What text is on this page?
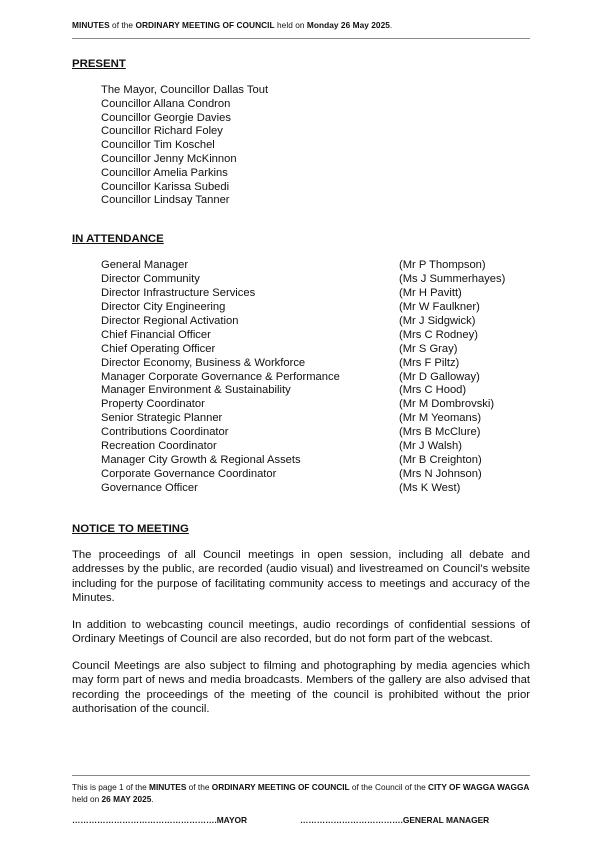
MINUTES of the ORDINARY MEETING OF COUNCIL held on Monday 26 May 2025.
PRESENT
The Mayor, Councillor Dallas Tout
Councillor Allana Condron
Councillor Georgie Davies
Councillor Richard Foley
Councillor Tim Koschel
Councillor Jenny McKinnon
Councillor Amelia Parkins
Councillor Karissa Subedi
Councillor Lindsay Tanner
IN ATTENDANCE
General Manager	(Mr P Thompson)
Director Community	(Ms J Summerhayes)
Director Infrastructure Services	(Mr H Pavitt)
Director City Engineering	(Mr W Faulkner)
Director Regional Activation	(Mr J Sidgwick)
Chief Financial Officer	(Mrs C Rodney)
Chief Operating Officer	(Mr S Gray)
Director Economy, Business & Workforce	(Mrs F Piltz)
Manager Corporate Governance & Performance	(Mr D Galloway)
Manager Environment & Sustainability	(Mrs C Hood)
Property Coordinator	(Mr M Dombrovski)
Senior Strategic Planner	(Mr M Yeomans)
Contributions Coordinator	(Mrs B McClure)
Recreation Coordinator	(Mr J Walsh)
Manager City Growth & Regional Assets	(Mr B Creighton)
Corporate Governance Coordinator	(Mrs N Johnson)
Governance Officer	(Ms K West)
NOTICE TO MEETING

The proceedings of all Council meetings in open session, including all debate and addresses by the public, are recorded (audio visual) and livestreamed on Council’s website including for the purpose of facilitating community access to meetings and accuracy of the Minutes.

In addition to webcasting council meetings, audio recordings of confidential sessions of Ordinary Meetings of Council are also recorded, but do not form part of the webcast.

Council Meetings are also subject to filming and photographing by media agencies which may form part of news and media broadcasts. Members of the gallery are also advised that recording the proceedings of the meeting of the council is prohibited without the prior authorisation of the council.

This is page 1 of the MINUTES of the ORDINARY MEETING OF COUNCIL of the Council of the CITY OF WAGGA WAGGA held on 26 MAY 2025.
…………………………………………….MAYOR	……………………………….GENERAL MANAGER
